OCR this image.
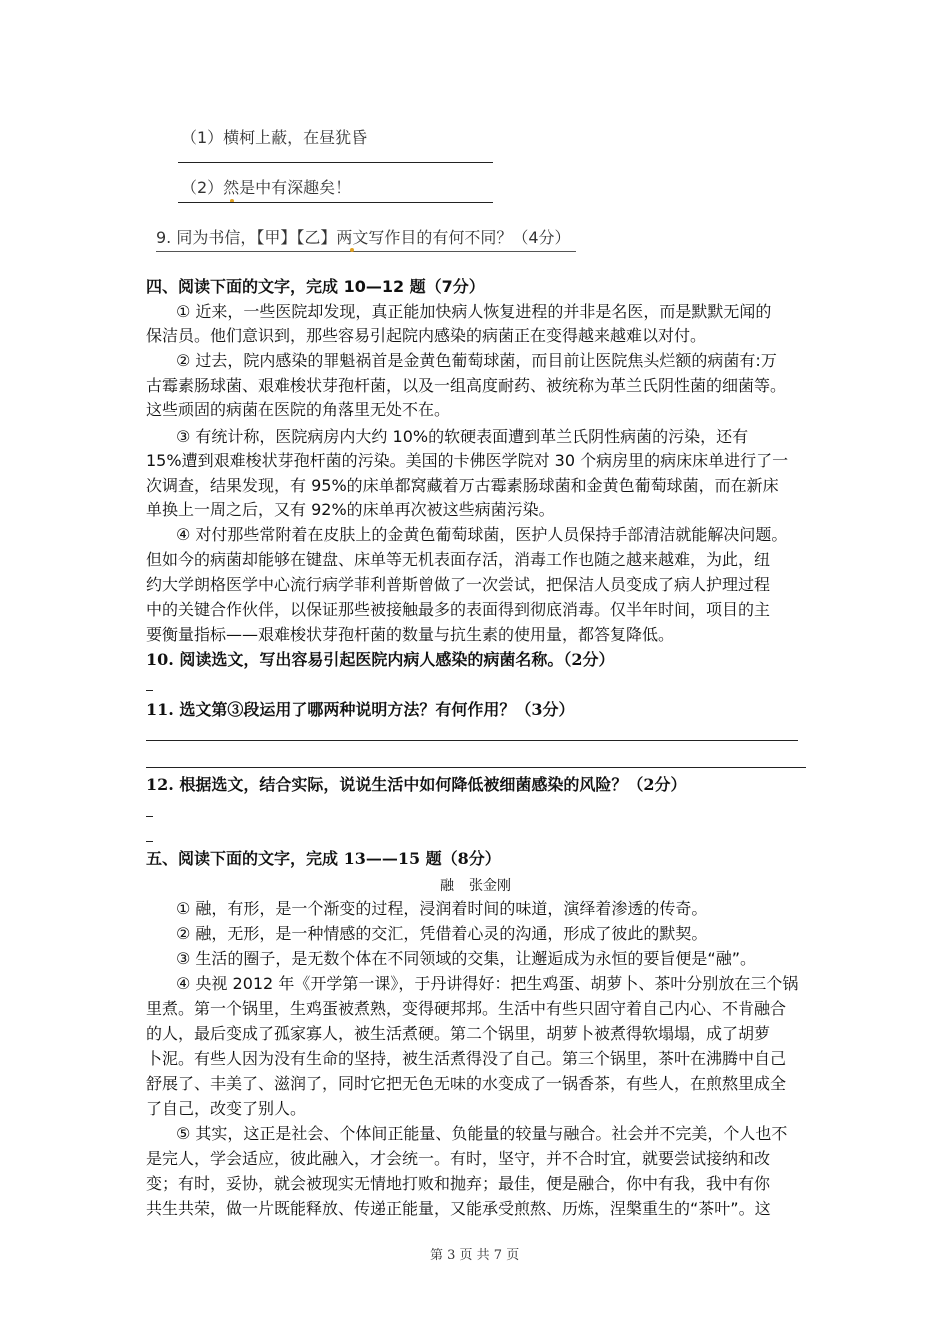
（1）横柯上蔽，在昼犹昏
（2）然是中有深趣矣！
9. 同为书信，【甲】【乙】两文写作目的有何不同？（4分）
四、阅读下面的文字，完成 10—12 题（7分）
① 近来，一些医院却发现，真正能加快病人恢复进程的并非是名医，而是默默无闻的
保洁员。他们意识到，那些容易引起院内感染的病菌正在变得越来越难以对付。
② 过去，院内感染的罪魁祸首是金黄色葡萄球菌，而目前让医院焦头烂额的病菌有:万
古霉素肠球菌、艰难梭状芽孢杆菌，以及一组高度耐药、被统称为革兰氏阴性菌的细菌等。
这些顽固的病菌在医院的角落里无处不在。
③ 有统计称，医院病房内大约 10%的软硬表面遭到革兰氏阴性病菌的污染，还有
15%遭到艰难梭状芽孢杆菌的污染。美国的卡佛医学院对 30 个病房里的病床床单进行了一
次调查，结果发现，有 95%的床单都窝藏着万古霉素肠球菌和金黄色葡萄球菌，而在新床
单换上一周之后，又有 92%的床单再次被这些病菌污染。
④ 对付那些常附着在皮肤上的金黄色葡萄球菌，医护人员保持手部清洁就能解决问题。
但如今的病菌却能够在键盘、床单等无机表面存活，消毒工作也随之越来越难，为此，纽
约大学朗格医学中心流行病学菲利普斯曾做了一次尝试，把保洁人员变成了病人护理过程
中的关键合作伙伴，以保证那些被接触最多的表面得到彻底消毒。仅半年时间，项目的主
要衡量指标——艰难梭状芽孢杆菌的数量与抗生素的使用量，都答复降低。
10. 阅读选文，写出容易引起医院内病人感染的病菌名称。（2分）
11. 选文第③段运用了哪两种说明方法？有何作用？（3分）
12. 根据选文，结合实际，说说生活中如何降低被细菌感染的风险？（2分）
五、阅读下面的文字，完成 13——15 题（8分）
融 张金刚
① 融，有形，是一个渐变的过程，浸润着时间的味道，演绎着渗透的传奇。
② 融，无形，是一种情感的交汇，凭借着心灵的沟通，形成了彼此的默契。
③ 生活的圈子，是无数个体在不同领域的交集，让邂逅成为永恒的要旨便是“融”。
④ 央视 2012 年《开学第一课》，于丹讲得好：把生鸡蛋、胡萝卜、茶叶分别放在三个锅
里煮。第一个锅里，生鸡蛋被煮熟，变得硬邦邦。生活中有些只固守着自己内心、不肯融合
的人，最后变成了孤家寡人，被生活煮硬。第二个锅里，胡萝卜被煮得软塌塌，成了胡萝
卜泥。有些人因为没有生命的坚持，被生活煮得没了自己。第三个锅里，茶叶在沸腾中自己
舒展了、丰美了、滋润了，同时它把无色无味的水变成了一锅香茶，有些人，在煎熬里成全
了自己，改变了别人。
⑤ 其实，这正是社会、个体间正能量、负能量的较量与融合。社会并不完美，个人也不
是完人，学会适应，彼此融入，才会统一。有时，坚守，并不合时宜，就要尝试接纳和改
变；有时，妥协，就会被现实无情地打败和抛弃；最佳，便是融合，你中有我，我中有你
共生共荣，做一片既能释放、传递正能量，又能承受煎熬、历炼，涅槃重生的“茶叶”。这
第 3 页 共 7 页
